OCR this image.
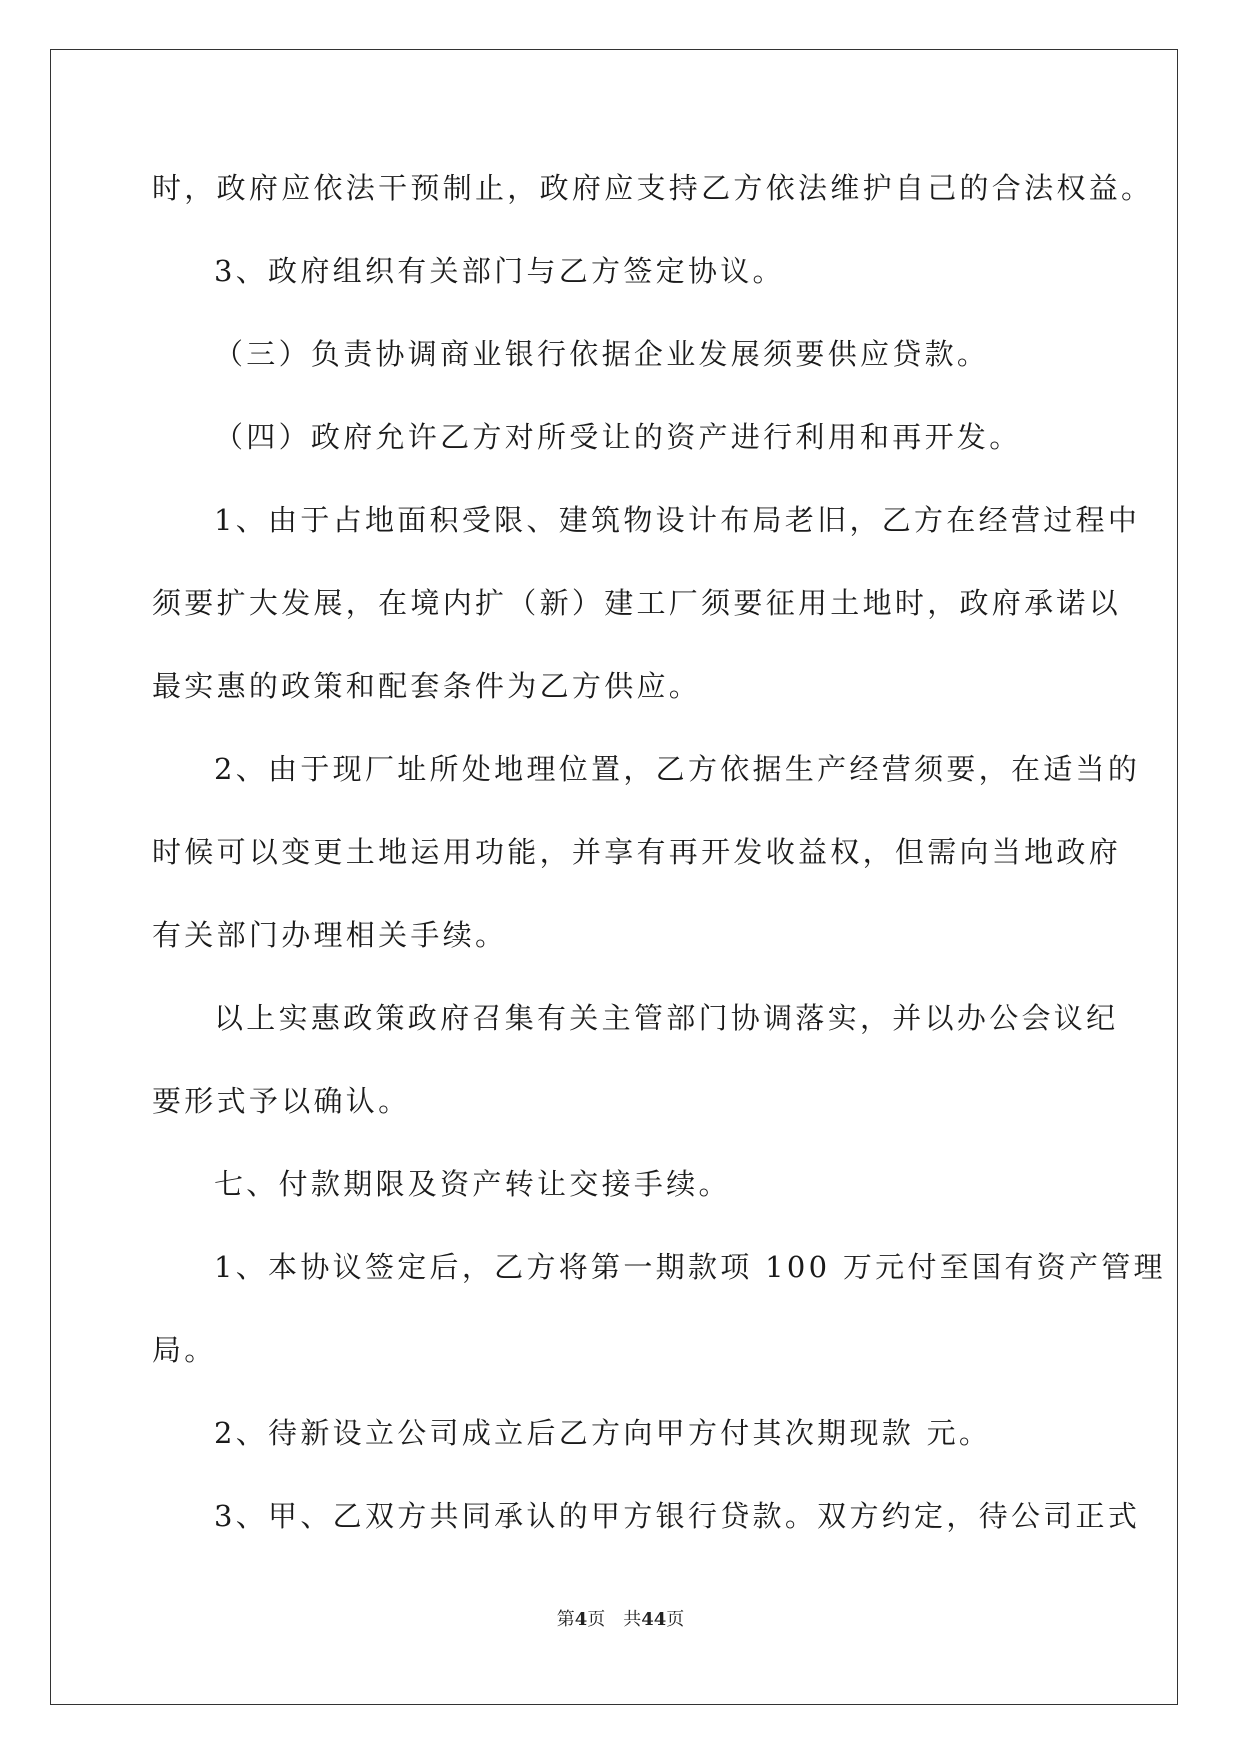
时，政府应依法干预制止，政府应支持乙方依法维护自己的合法权益。
3、政府组织有关部门与乙方签定协议。
（三）负责协调商业银行依据企业发展须要供应贷款。
（四）政府允许乙方对所受让的资产进行利用和再开发。
1、由于占地面积受限、建筑物设计布局老旧，乙方在经营过程中
须要扩大发展，在境内扩（新）建工厂须要征用土地时，政府承诺以
最实惠的政策和配套条件为乙方供应。
2、由于现厂址所处地理位置，乙方依据生产经营须要，在适当的
时候可以变更土地运用功能，并享有再开发收益权，但需向当地政府
有关部门办理相关手续。
以上实惠政策政府召集有关主管部门协调落实，并以办公会议纪
要形式予以确认。
七、付款期限及资产转让交接手续。
1、本协议签定后，乙方将第一期款项 100 万元付至国有资产管理
局。
2、待新设立公司成立后乙方向甲方付其次期现款 元。
3、甲、乙双方共同承认的甲方银行贷款。双方约定，待公司正式
第4页　共44页
